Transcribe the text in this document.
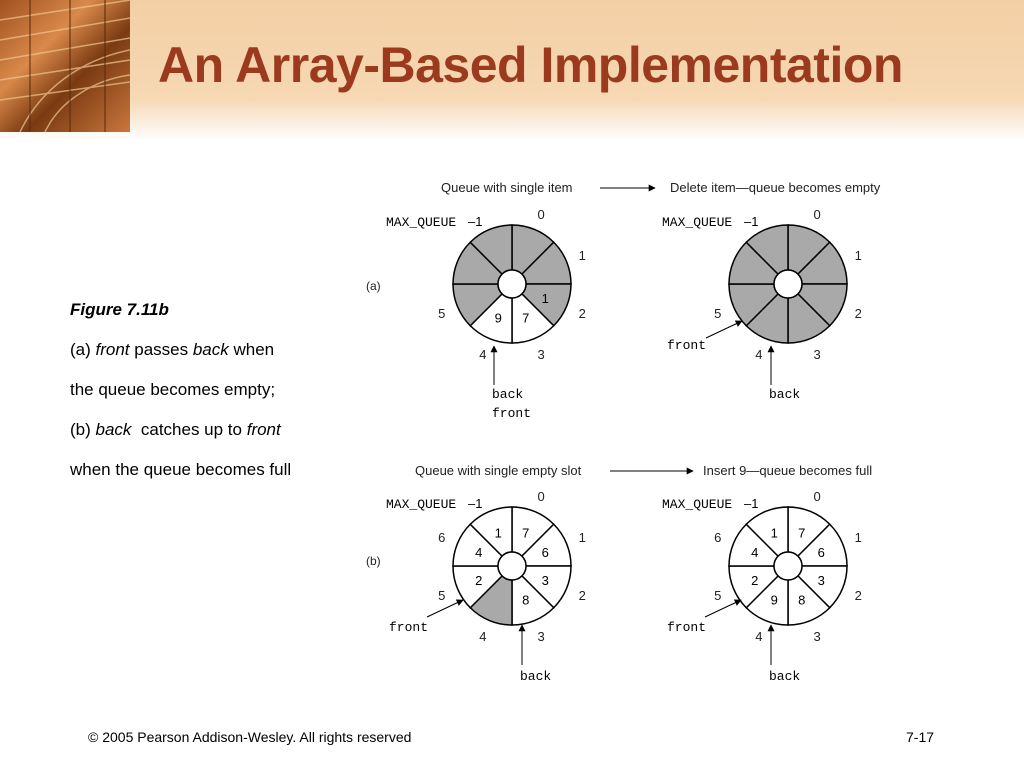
An Array-Based Implementation
Figure 7.11b
(a) front passes back when
the queue becomes empty;
(b) back  catches up to front
when the queue becomes full
Queue with single item	Delete item—queue becomes empty
Queue with single empty slot	Insert 9—queue becomes full
(a)
(b)
1
7
9
0
1
2
3
4
5
MAX_QUEUE –1	0
1
2
3
4
5
MAX_QUEUE –1
7
6
3
8
2
4
1
0
1
2
3
4
5
6
MAX_QUEUE –1
7
6
3
8
9
2
4
1
0
1
2
3
4
5
6
MAX_QUEUE –1
back
front
front
back
front
back
front
back
© 2005 Pearson Addison-Wesley. All rights reserved	7-17
